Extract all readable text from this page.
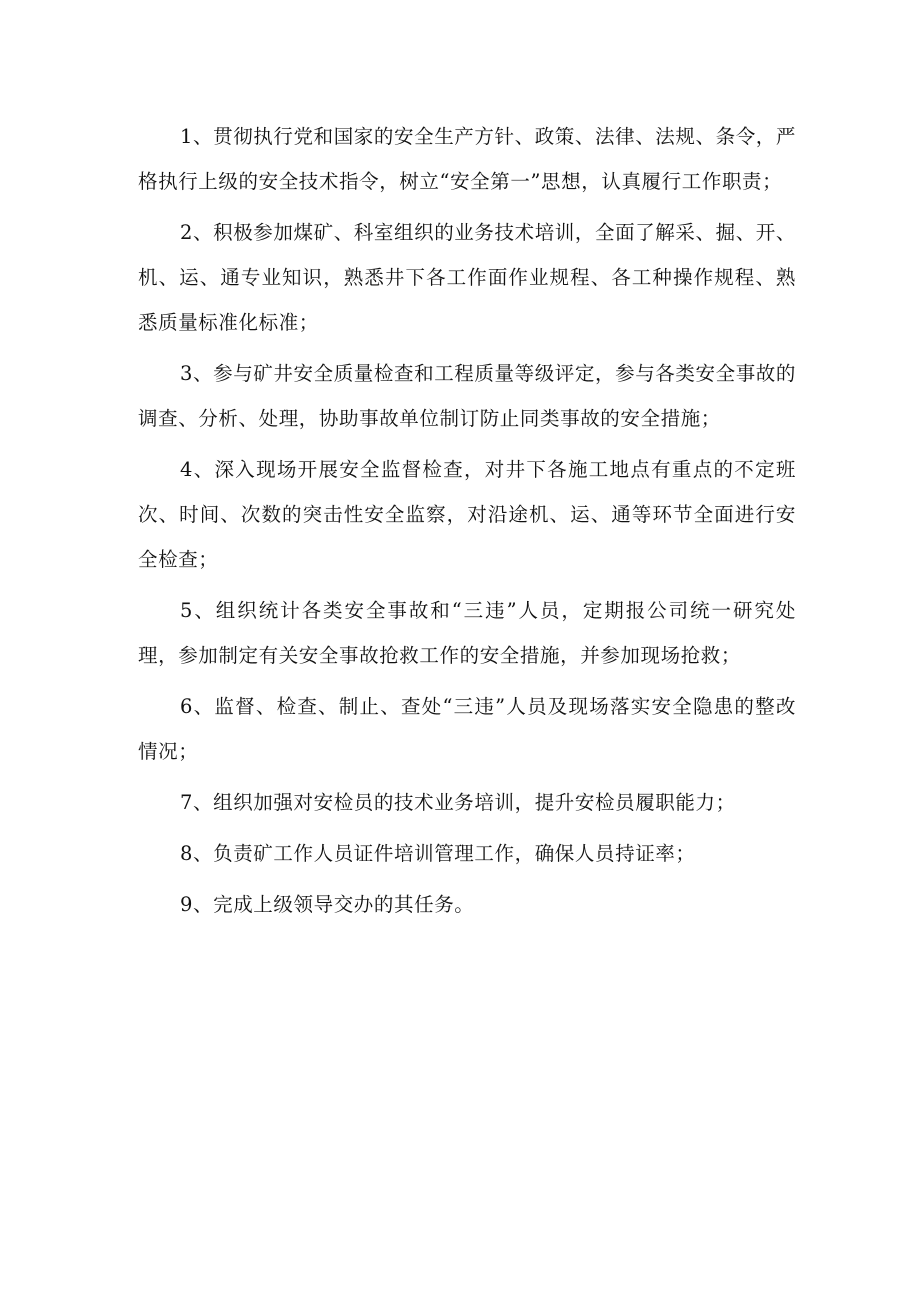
1、贯彻执行党和国家的安全生产方针、政策、法律、法规、条令，严格执行上级的安全技术指令，树立“安全第一”思想，认真履行工作职责；

2、积极参加煤矿、科室组织的业务技术培训，全面了解采、掘、开、机、运、通专业知识，熟悉井下各工作面作业规程、各工种操作规程、熟悉质量标准化标准；

3、参与矿井安全质量检查和工程质量等级评定，参与各类安全事故的调查、分析、处理，协助事故单位制订防止同类事故的安全措施；

4、深入现场开展安全监督检查，对井下各施工地点有重点的不定班次、时间、次数的突击性安全监察，对沿途机、运、通等环节全面进行安全检查；

5、组织统计各类安全事故和“三违”人员，定期报公司统一研究处理，参加制定有关安全事故抢救工作的安全措施，并参加现场抢救；

6、监督、检查、制止、查处“三违”人员及现场落实安全隐患的整改情况；

7、组织加强对安检员的技术业务培训，提升安检员履职能力；

8、负责矿工作人员证件培训管理工作，确保人员持证率；

9、完成上级领导交办的其任务。
